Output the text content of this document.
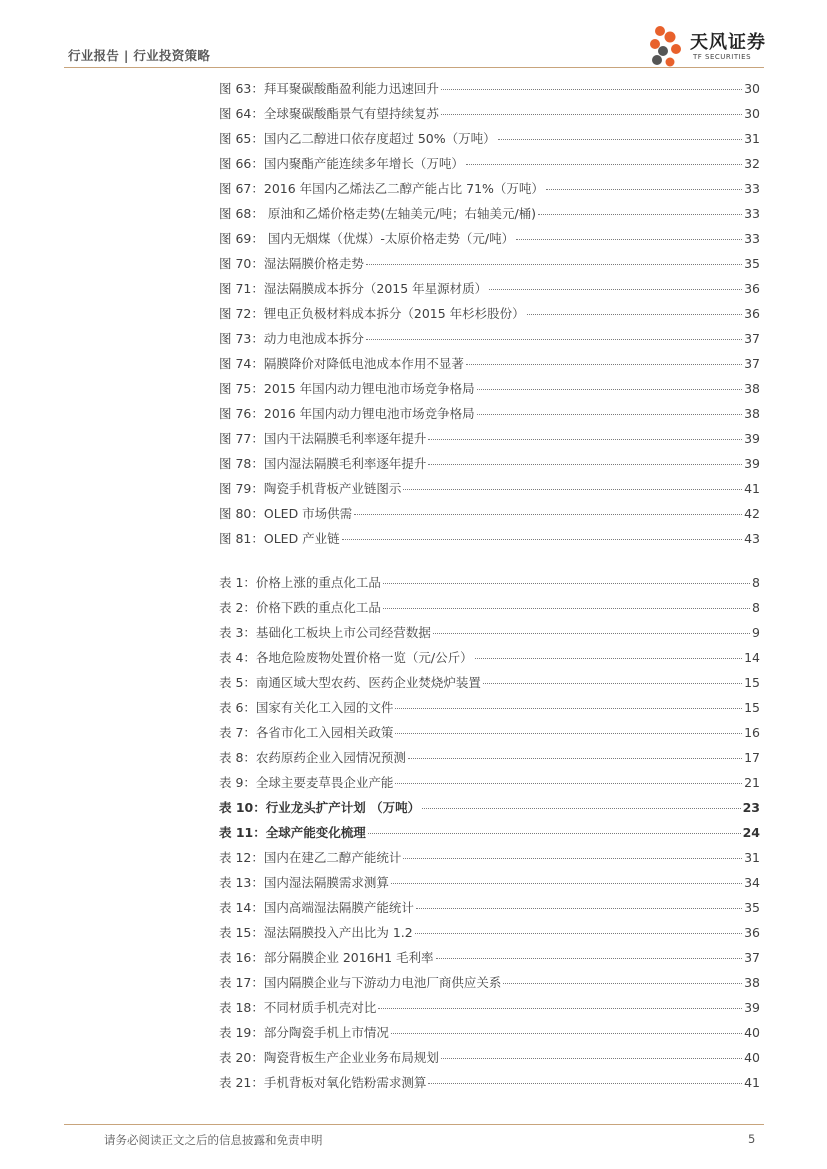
行业报告 | 行业投资策略
天风证券
TF SECURITIES
图 63：拜耳聚碳酸酯盈利能力迅速回升	30
图 64：全球聚碳酸酯景气有望持续复苏	30
图 65：国内乙二醇进口依存度超过 50%（万吨）	31
图 66：国内聚酯产能连续多年增长（万吨）	32
图 67：2016 年国内乙烯法乙二醇产能占比 71%（万吨）	33
图 68： 原油和乙烯价格走势(左轴美元/吨；右轴美元/桶)	33
图 69： 国内无烟煤（优煤）-太原价格走势（元/吨）	33
图 70：湿法隔膜价格走势	35
图 71：湿法隔膜成本拆分（2015 年星源材质）	36
图 72：锂电正负极材料成本拆分（2015 年杉杉股份）	36
图 73：动力电池成本拆分	37
图 74：隔膜降价对降低电池成本作用不显著	37
图 75：2015 年国内动力锂电池市场竞争格局	38
图 76：2016 年国内动力锂电池市场竞争格局	38
图 77：国内干法隔膜毛利率逐年提升	39
图 78：国内湿法隔膜毛利率逐年提升	39
图 79：陶瓷手机背板产业链图示	41
图 80：OLED 市场供需	42
图 81：OLED 产业链	43
表 1：价格上涨的重点化工品	8
表 2：价格下跌的重点化工品	8
表 3：基础化工板块上市公司经营数据	9
表 4：各地危险废物处置价格一览（元/公斤）	14
表 5：南通区域大型农药、医药企业焚烧炉装置	15
表 6：国家有关化工入园的文件	15
表 7：各省市化工入园相关政策	16
表 8：农药原药企业入园情况预测	17
表 9：全球主要麦草畏企业产能	21
表 10：行业龙头扩产计划 （万吨）	23
表 11：全球产能变化梳理	24
表 12：国内在建乙二醇产能统计	31
表 13：国内湿法隔膜需求测算	34
表 14：国内高端湿法隔膜产能统计	35
表 15：湿法隔膜投入产出比为 1.2	36
表 16：部分隔膜企业 2016H1 毛利率	37
表 17：国内隔膜企业与下游动力电池厂商供应关系	38
表 18：不同材质手机壳对比	39
表 19：部分陶瓷手机上市情况	40
表 20：陶瓷背板生产企业业务布局规划	40
表 21：手机背板对氧化锆粉需求测算	41
请务必阅读正文之后的信息披露和免责申明	5
